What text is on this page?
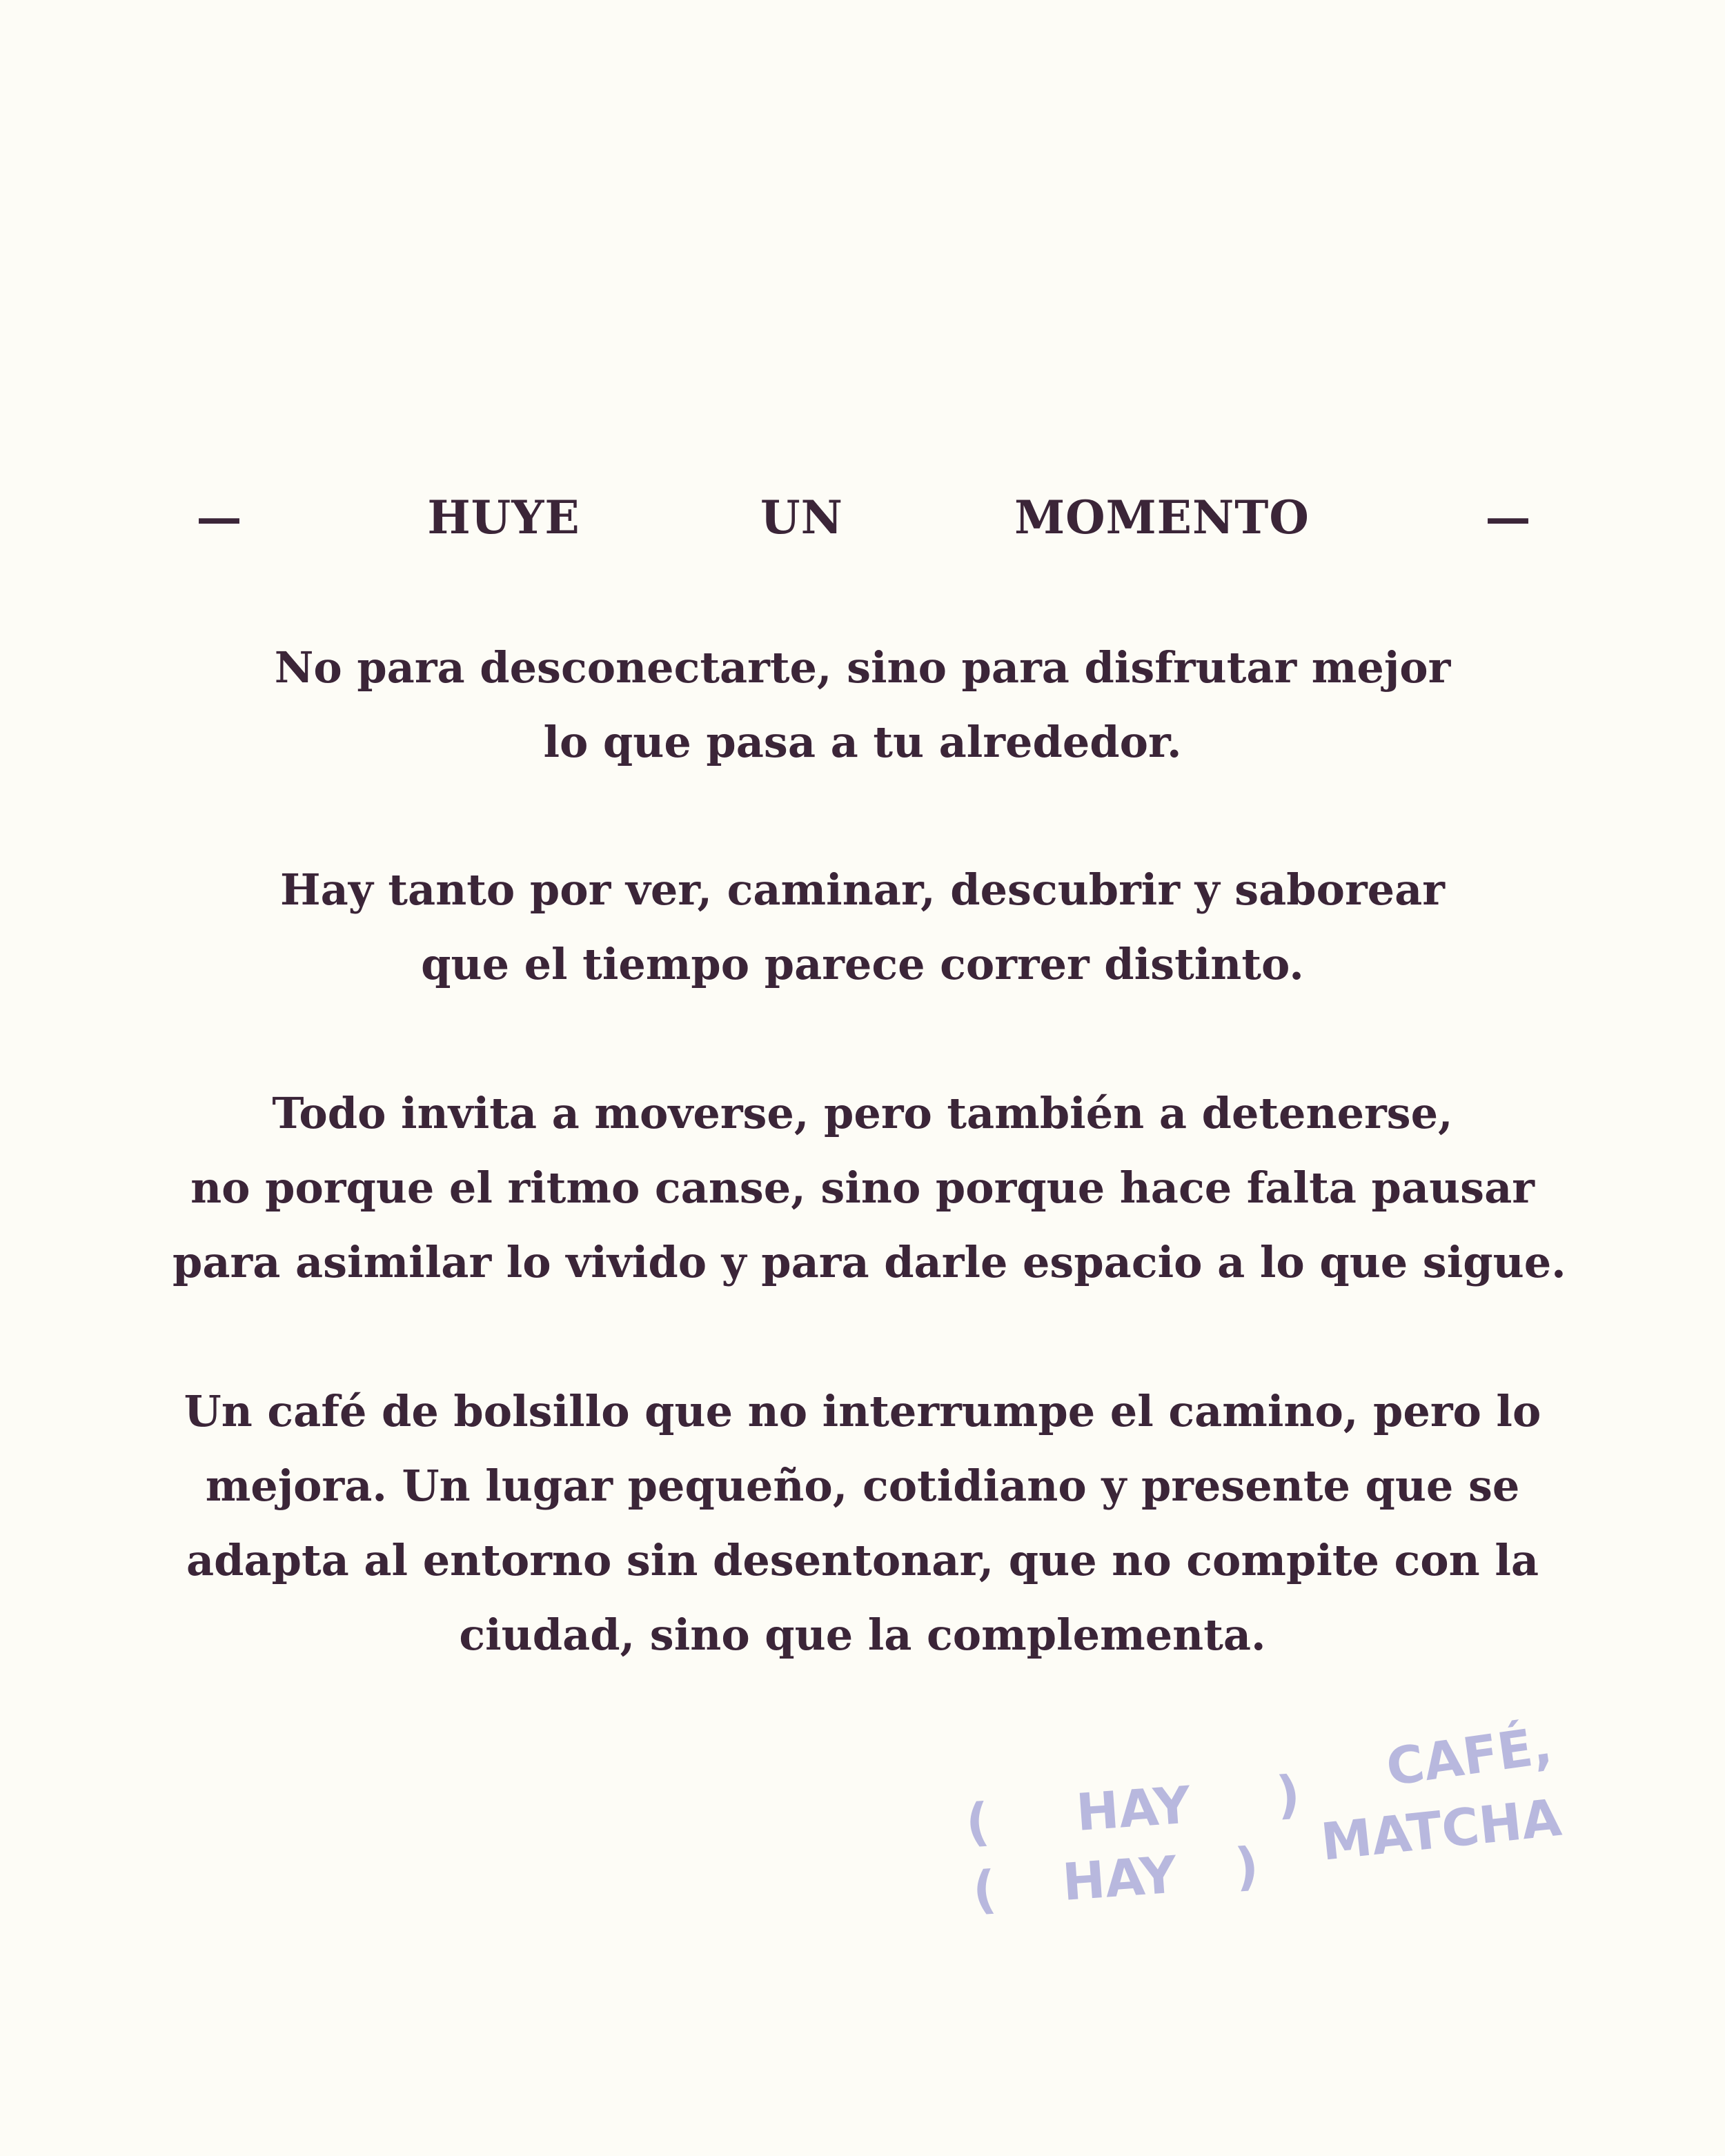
—	HUYE	UN	MOMENTO	—

No para desconectarte, sino para disfrutar mejor
lo que pasa a tu alrededor.

Hay tanto por ver, caminar, descubrir y saborear
que el tiempo parece correr distinto.

Todo invita a moverse, pero también a detenerse,
no porque el ritmo canse, sino porque hace falta pausar
para asimilar lo vivido y para darle espacio a lo que sigue.

Un café de bolsillo que no interrumpe el camino, pero lo
mejora. Un lugar pequeño, cotidiano y presente que se
adapta al entorno sin desentonar, que no compite con la
ciudad, sino que la complementa.

( HAY ) CAFÉ,
( HAY ) MATCHA
